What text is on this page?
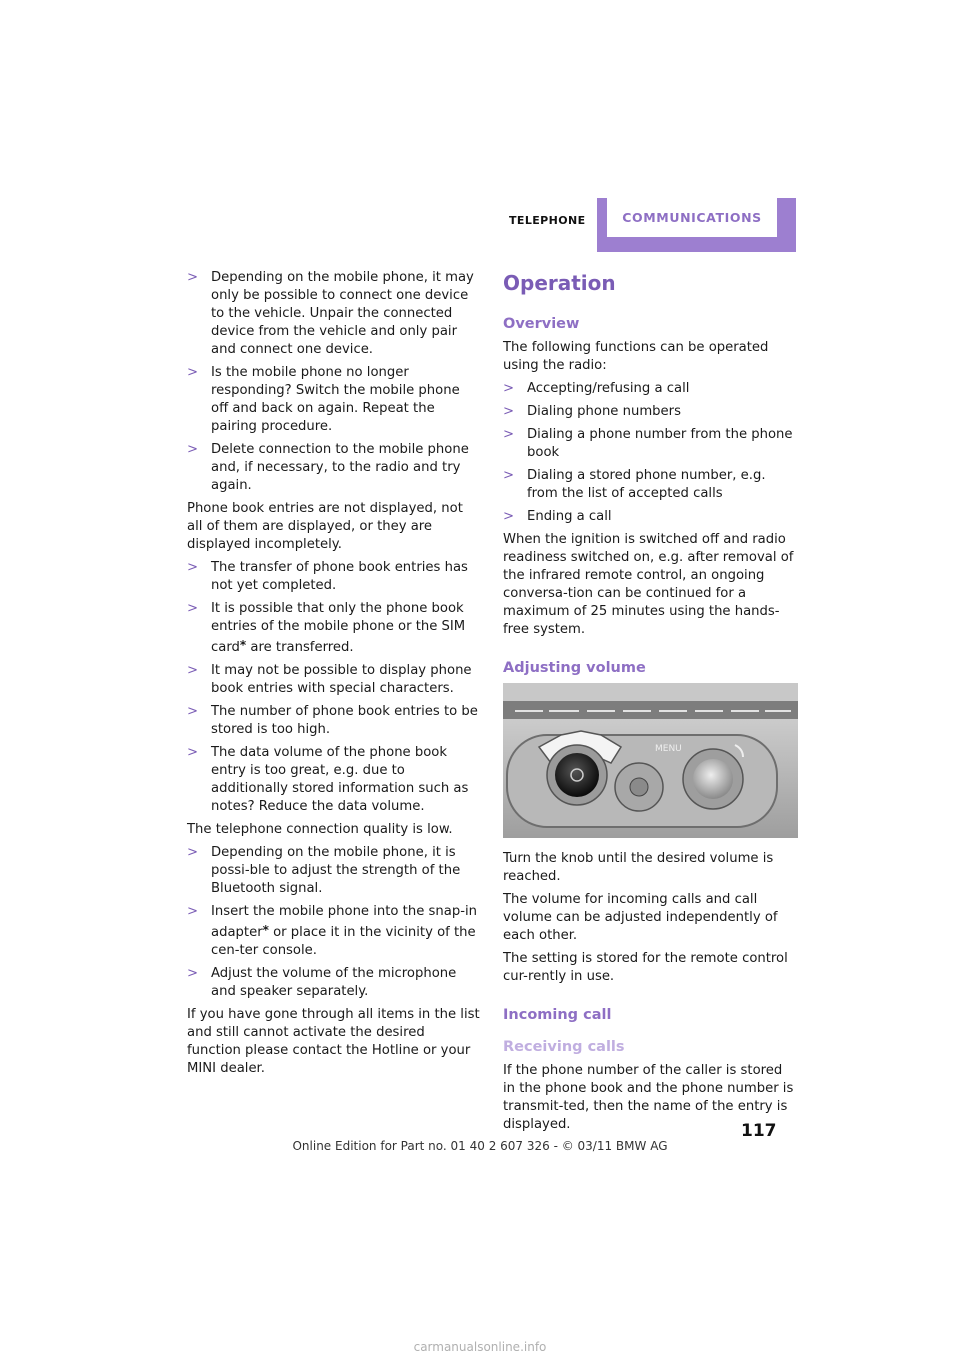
TELEPHONE	COMMUNICATIONS
> Depending on the mobile phone, it may only be possible to connect one device to the vehicle. Unpair the connected device from the vehicle and only pair and connect one device.
> Is the mobile phone no longer responding? Switch the mobile phone off and back on again. Repeat the pairing procedure.
> Delete connection to the mobile phone and, if necessary, to the radio and try again.

Phone book entries are not displayed, not all of them are displayed, or they are displayed incompletely.

> The transfer of phone book entries has not yet completed.
> It is possible that only the phone book entries of the mobile phone or the SIM card* are transferred.
> It may not be possible to display phone book entries with special characters.
> The number of phone book entries to be stored is too high.
> The data volume of the phone book entry is too great, e.g. due to additionally stored information such as notes? Reduce the data volume.

The telephone connection quality is low.

> Depending on the mobile phone, it is possi-ble to adjust the strength of the Bluetooth signal.
> Insert the mobile phone into the snap-in adapter* or place it in the vicinity of the cen-ter console.
> Adjust the volume of the microphone and speaker separately.

If you have gone through all items in the list and still cannot activate the desired function please contact the Hotline or your MINI dealer.

Operation
Overview

The following functions can be operated using the radio:

> Accepting/refusing a call
> Dialing phone numbers
> Dialing a phone number from the phone book
> Dialing a stored phone number, e.g. from the list of accepted calls
> Ending a call

When the ignition is switched off and radio readiness switched on, e.g. after removal of the infrared remote control, an ongoing conversa-tion can be continued for a maximum of 25 minutes using the hands-free system.

Adjusting volume
MENU

Turn the knob until the desired volume is reached.

The volume for incoming calls and call volume can be adjusted independently of each other.

The setting is stored for the remote control cur-rently in use.

Incoming call
Receiving calls

If the phone number of the caller is stored in the phone book and the phone number is transmit-ted, then the name of the entry is displayed.	117
Online Edition for Part no. 01 40 2 607 326 - © 03/11 BMW AG
carmanualsonline.info
